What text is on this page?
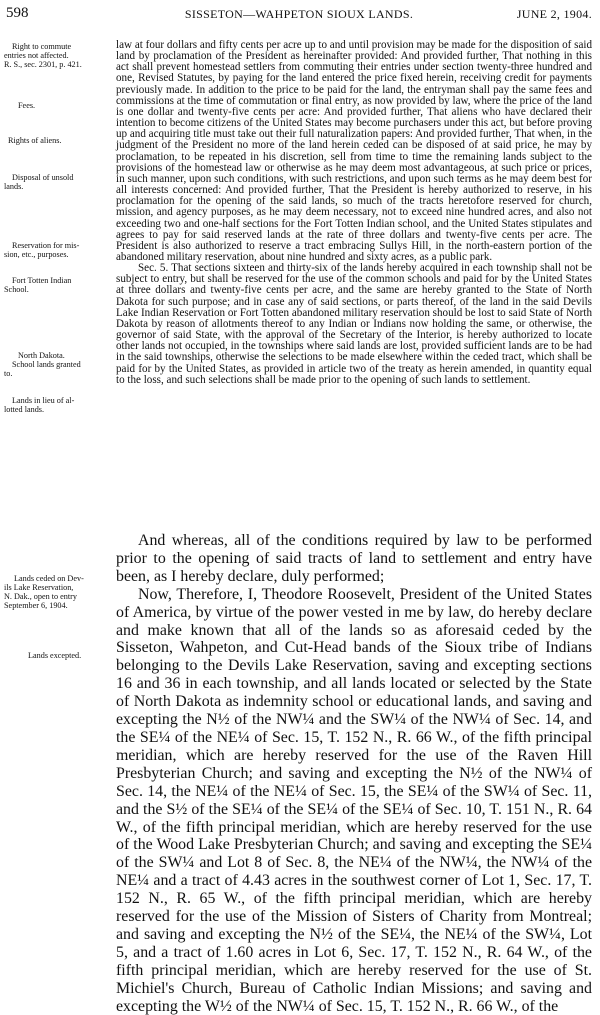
598	SISSETON—WAHPETON SIOUX LANDS.	JUNE 2, 1904.
Right to commute
entries not affected.
R. S., sec. 2301, p. 421.
Fees.
Rights of aliens.
Disposal of unsold
lands.
Reservation for mis-
sion, etc., purposes.
Fort Totten Indian
School.
North Dakota.
School lands granted
to.
Lands in lieu of al-
lotted lands.
Lands ceded on Dev-
ils Lake Reservation,
N. Dak., open to entry
September 6, 1904.
Lands excepted.

law at four dollars and fifty cents per acre up to and until provision may be made for the disposition of said land by proclamation of the President as hereinafter provided: And provided further, That nothing in this act shall prevent homestead settlers from commuting their entries under section twenty-three hundred and one, Revised Statutes, by paying for the land entered the price fixed herein, receiving credit for payments previously made. In addition to the price to be paid for the land, the entryman shall pay the same fees and commissions at the time of commutation or final entry, as now provided by law, where the price of the land is one dollar and twenty-five cents per acre: And provided further, That aliens who have declared their intention to become citizens of the United States may become purchasers under this act, but before proving up and acquiring title must take out their full naturalization papers: And provided further, That when, in the judgment of the President no more of the land herein ceded can be disposed of at said price, he may by proclamation, to be repeated in his discretion, sell from time to time the remaining lands subject to the provisions of the homestead law or otherwise as he may deem most advantageous, at such price or prices, in such manner, upon such conditions, with such restrictions, and upon such terms as he may deem best for all interests concerned: And provided further, That the President is hereby authorized to reserve, in his proclamation for the opening of the said lands, so much of the tracts heretofore reserved for church, mission, and agency purposes, as he may deem necessary, not to exceed nine hundred acres, and also not exceeding two and one-half sections for the Fort Totten Indian school, and the United States stipulates and agrees to pay for said reserved lands at the rate of three dollars and twenty-five cents per acre. The President is also authorized to reserve a tract embracing Sullys Hill, in the north-eastern portion of the abandoned military reservation, about nine hundred and sixty acres, as a public park.

Sec. 5. That sections sixteen and thirty-six of the lands hereby acquired in each township shall not be subject to entry, but shall be reserved for the use of the common schools and paid for by the United States at three dollars and twenty-five cents per acre, and the same are hereby granted to the State of North Dakota for such purpose; and in case any of said sections, or parts thereof, of the land in the said Devils Lake Indian Reservation or Fort Totten abandoned military reservation should be lost to said State of North Dakota by reason of allotments thereof to any Indian or Indians now holding the same, or otherwise, the governor of said State, with the approval of the Secretary of the Interior, is hereby authorized to locate other lands not occupied, in the townships where said lands are lost, provided sufficient lands are to be had in the said townships, otherwise the selections to be made elsewhere within the ceded tract, which shall be paid for by the United States, as provided in article two of the treaty as herein amended, in quantity equal to the loss, and such selections shall be made prior to the opening of such lands to settlement.

And whereas, all of the conditions required by law to be performed prior to the opening of said tracts of land to settlement and entry have been, as I hereby declare, duly performed;

Now, Therefore, I, Theodore Roosevelt, President of the United States of America, by virtue of the power vested in me by law, do hereby declare and make known that all of the lands so as aforesaid ceded by the Sisseton, Wahpeton, and Cut-Head bands of the Sioux tribe of Indians belonging to the Devils Lake Reservation, saving and excepting sections 16 and 36 in each township, and all lands located or selected by the State of North Dakota as indemnity school or educational lands, and saving and excepting the N½ of the NW¼ and the SW¼ of the NW¼ of Sec. 14, and the SE¼ of the NE¼ of Sec. 15, T. 152 N., R. 66 W., of the fifth principal meridian, which are hereby reserved for the use of the Raven Hill Presbyterian Church; and saving and excepting the N½ of the NW¼ of Sec. 14, the NE¼ of the NE¼ of Sec. 15, the SE¼ of the SW¼ of Sec. 11, and the S½ of the SE¼ of the SE¼ of the SE¼ of Sec. 10, T. 151 N., R. 64 W., of the fifth principal meridian, which are hereby reserved for the use of the Wood Lake Presbyterian Church; and saving and excepting the SE¼ of the SW¼ and Lot 8 of Sec. 8, the NE¼ of the NW¼, the NW¼ of the NE¼ and a tract of 4.43 acres in the southwest corner of Lot 1, Sec. 17, T. 152 N., R. 65 W., of the fifth principal meridian, which are hereby reserved for the use of the Mission of Sisters of Charity from Montreal; and saving and excepting the N½ of the SE¼, the NE¼ of the SW¼, Lot 5, and a tract of 1.60 acres in Lot 6, Sec. 17, T. 152 N., R. 64 W., of the fifth principal meridian, which are hereby reserved for the use of St. Michiel's Church, Bureau of Catholic Indian Missions; and saving and excepting the W½ of the NW¼ of Sec. 15, T. 152 N., R. 66 W., of the
